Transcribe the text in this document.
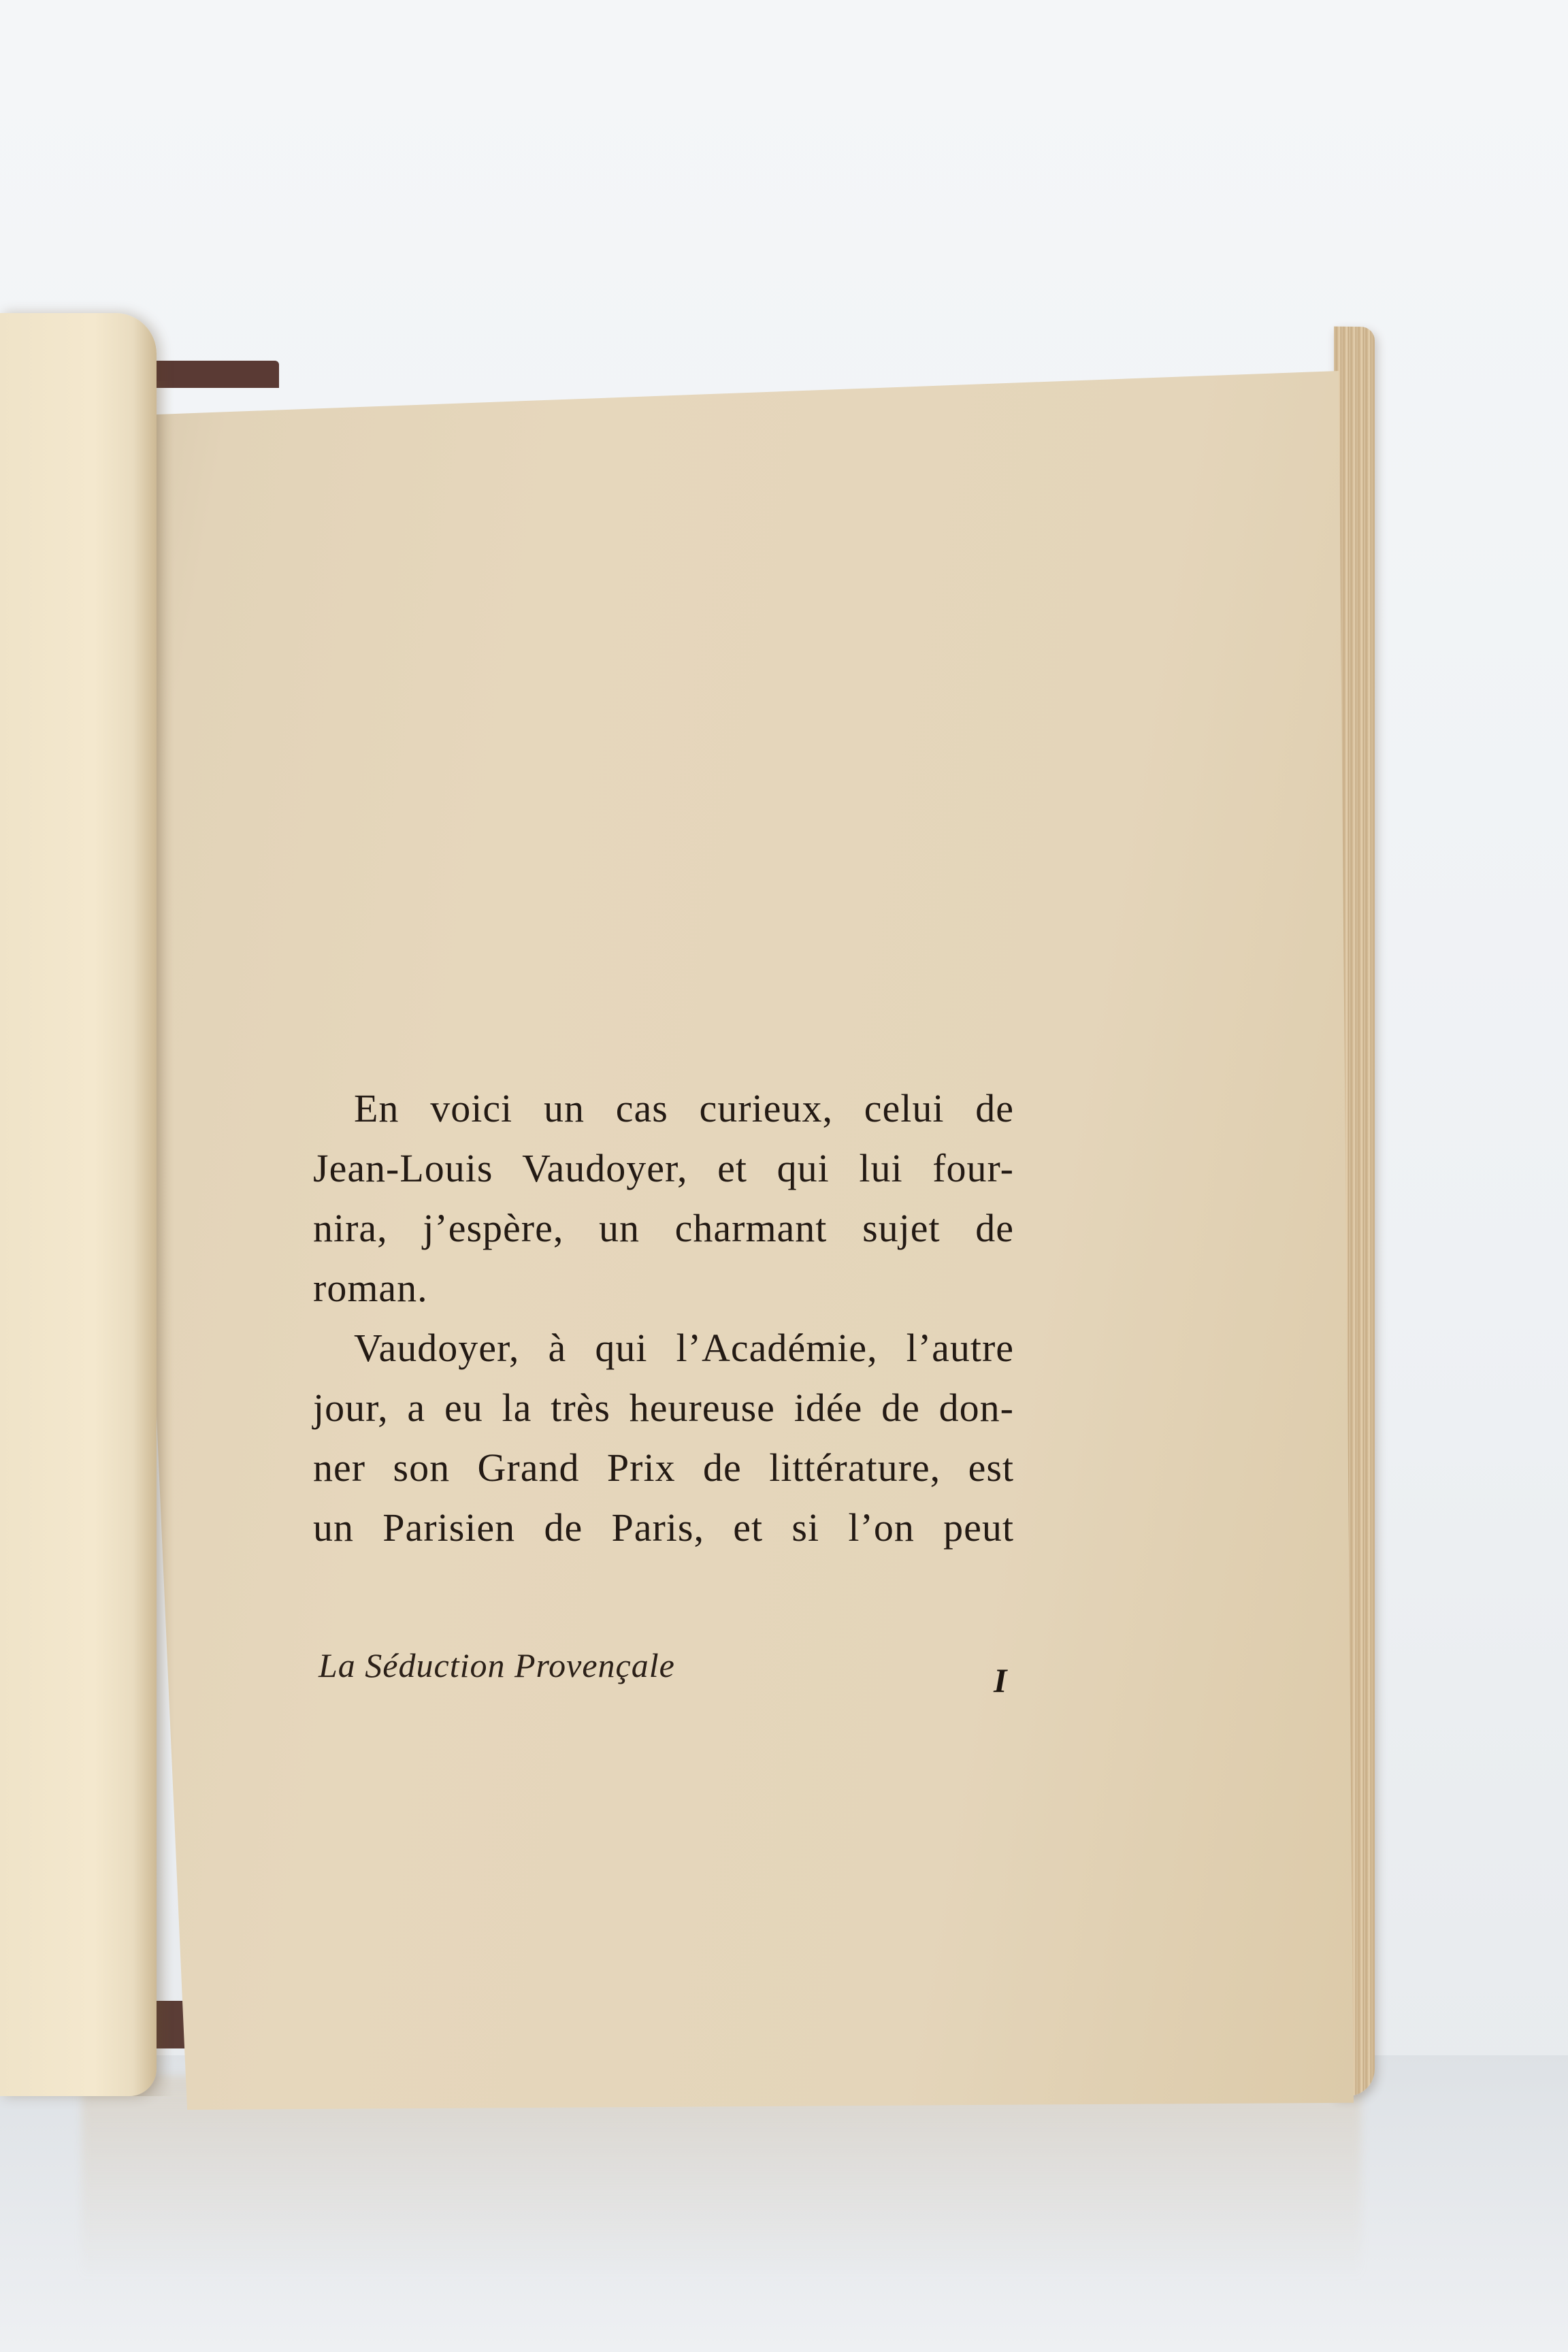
En voici un cas curieux, celui de
Jean-Louis Vaudoyer, et qui lui four-
nira, j’espère, un charmant sujet de
roman.

Vaudoyer, à qui l’Académie, l’autre
jour, a eu la très heureuse idée de don-
ner son Grand Prix de littérature, est
un Parisien de Paris, et si l’on peut

La Séduction Provençale	I
